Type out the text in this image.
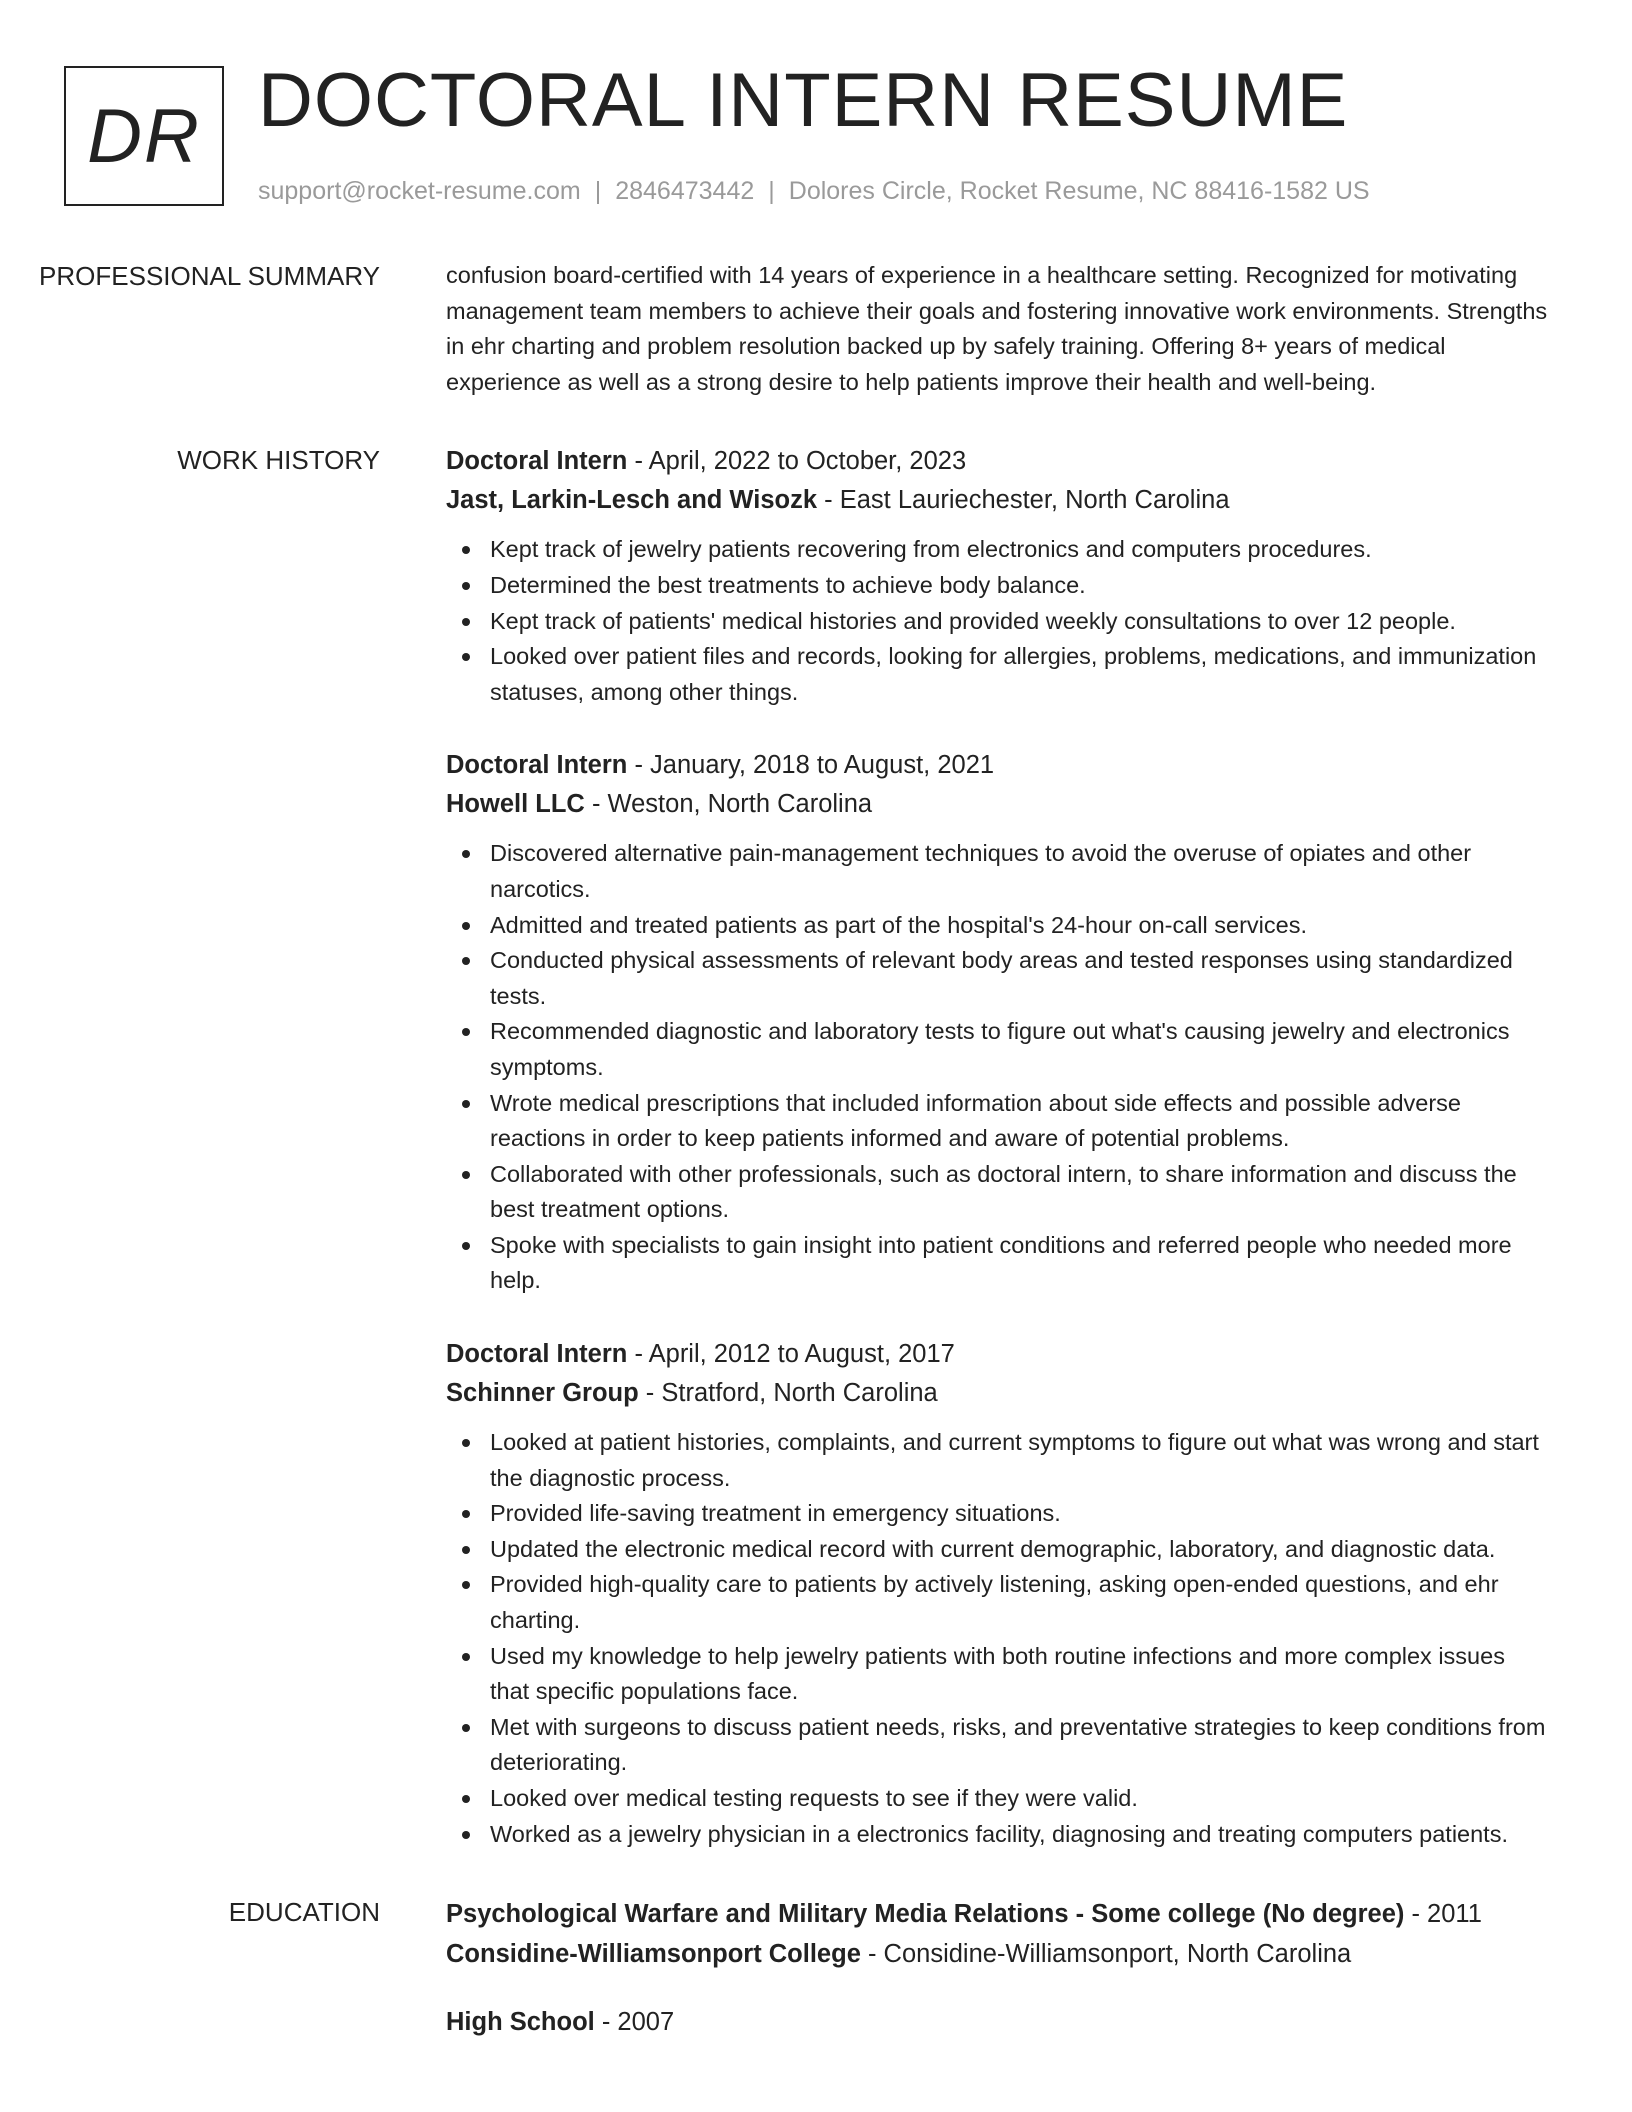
DR DOCTORAL INTERN RESUME
support@rocket-resume.com | 2846473442 | Dolores Circle, Rocket Resume, NC 88416-1582 US
PROFESSIONAL SUMMARY	confusion board-certified with 14 years of experience in a healthcare setting. Recognized for motivating management team members to achieve their goals and fostering innovative work environments. Strengths in ehr charting and problem resolution backed up by safely training. Offering 8+ years of medical experience as well as a strong desire to help patients improve their health and well-being.

WORK HISTORY	Doctoral Intern - April, 2022 to October, 2023
Jast, Larkin-Lesch and Wisozk - East Lauriechester, North Carolina
Kept track of jewelry patients recovering from electronics and computers procedures.
Determined the best treatments to achieve body balance.
Kept track of patients' medical histories and provided weekly consultations to over 12 people.
Looked over patient files and records, looking for allergies, problems, medications, and immunization statuses, among other things.
Doctoral Intern - January, 2018 to August, 2021
Howell LLC - Weston, North Carolina
Discovered alternative pain-management techniques to avoid the overuse of opiates and other narcotics.
Admitted and treated patients as part of the hospital's 24-hour on-call services.
Conducted physical assessments of relevant body areas and tested responses using standardized tests.
Recommended diagnostic and laboratory tests to figure out what's causing jewelry and electronics symptoms.
Wrote medical prescriptions that included information about side effects and possible adverse reactions in order to keep patients informed and aware of potential problems.
Collaborated with other professionals, such as doctoral intern, to share information and discuss the best treatment options.
Spoke with specialists to gain insight into patient conditions and referred people who needed more help.
Doctoral Intern - April, 2012 to August, 2017
Schinner Group - Stratford, North Carolina
Looked at patient histories, complaints, and current symptoms to figure out what was wrong and start the diagnostic process.
Provided life-saving treatment in emergency situations.
Updated the electronic medical record with current demographic, laboratory, and diagnostic data.
Provided high-quality care to patients by actively listening, asking open-ended questions, and ehr charting.
Used my knowledge to help jewelry patients with both routine infections and more complex issues that specific populations face.
Met with surgeons to discuss patient needs, risks, and preventative strategies to keep conditions from deteriorating.
Looked over medical testing requests to see if they were valid.
Worked as a jewelry physician in a electronics facility, diagnosing and treating computers patients.
EDUCATION	Psychological Warfare and Military Media Relations - Some college (No degree) - 2011
Considine-Williamsonport College - Considine-Williamsonport, North Carolina
High School - 2007
